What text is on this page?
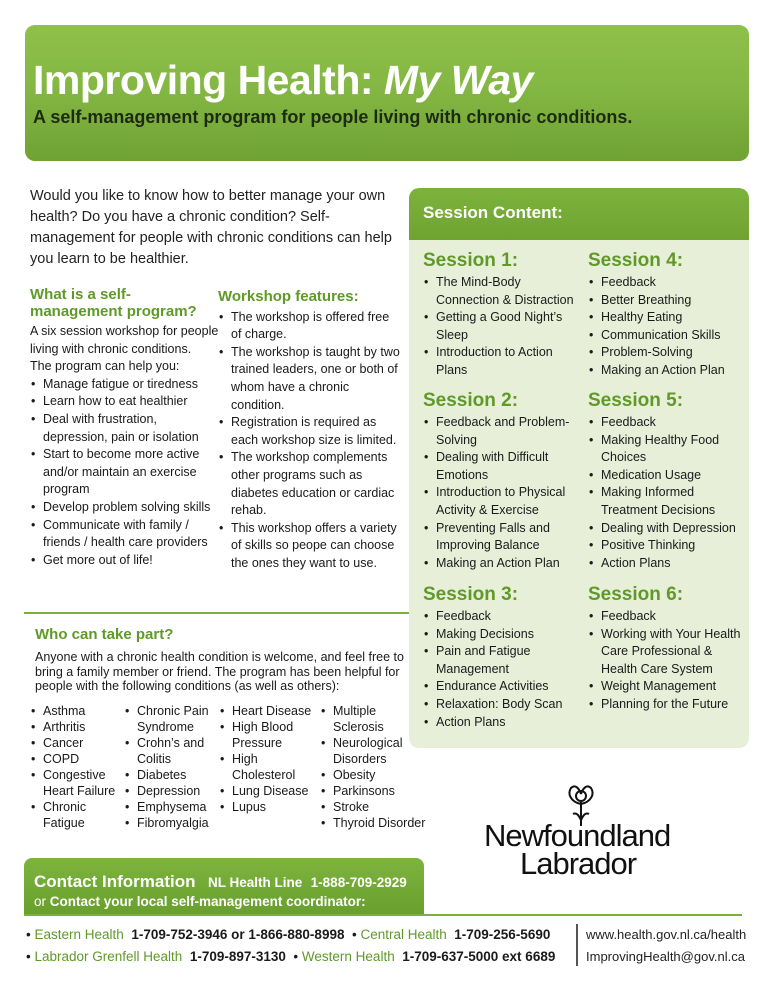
Improving Health: My Way
A self-management program for people living with chronic conditions.
Would you like to know how to better manage your own health? Do you have a chronic condition? Self-management for people with chronic conditions can help you learn to be healthier.
What is a self-management program?
A six session workshop for people living with chronic conditions.
The program can help you:
• Manage fatigue or tiredness
• Learn how to eat healthier
• Deal with frustration, depression, pain or isolation
• Start to become more active and/or maintain an exercise program
• Develop problem solving skills
• Communicate with family / friends / health care providers
• Get more out of life!
Workshop features:
• The workshop is offered free of charge.
• The workshop is taught by two trained leaders, one or both of whom have a chronic condition.
• Registration is required as each workshop size is limited.
• The workshop complements other programs such as diabetes education or cardiac rehab.
• This workshop offers a variety of skills so peope can choose the ones they want to use.
Who can take part?
Anyone with a chronic health condition is welcome, and feel free to bring a family member or friend. The program has been helpful for people with the following conditions (as well as others):
• Asthma
• Arthritis
• Cancer
• COPD
• Congestive Heart Failure
• Chronic Fatigue
• Chronic Pain Syndrome
• Crohn’s and Colitis
• Diabetes
• Depression
• Emphysema
• Fibromyalgia
• Heart Disease
• High Blood Pressure
• High Cholesterol
• Lung Disease
• Lupus
• Multiple Sclerosis
• Neurological Disorders
• Obesity
• Parkinsons
• Stroke
• Thyroid Disorder
Session Content:
Session 1:
• The Mind-Body Connection & Distraction
• Getting a Good Night’s Sleep
• Introduction to Action Plans
Session 2:
• Feedback and Problem-Solving
• Dealing with Difficult Emotions
• Introduction to Physical Activity & Exercise
• Preventing Falls and Improving Balance
• Making an Action Plan
Session 3:
• Feedback
• Making Decisions
• Pain and Fatigue Management
• Endurance Activities
• Relaxation: Body Scan
• Action Plans
Session 4:
• Feedback
• Better Breathing
• Healthy Eating
• Communication Skills
• Problem-Solving
• Making an Action Plan
Session 5:
• Feedback
• Making Healthy Food Choices
• Medication Usage
• Making Informed Treatment Decisions
• Dealing with Depression
• Positive Thinking
• Action Plans
Session 6:
• Feedback
• Working with Your Health Care Professional & Health Care System
• Weight Management
• Planning for the Future
Newfoundland
Labrador
Contact Information NL Health Line 1-888-709-2929
or Contact your local self-management coordinator:
• Eastern Health 1-709-752-3946 or 1-866-880-8998  • Central Health 1-709-256-5690
• Labrador Grenfell Health 1-709-897-3130  • Western Health 1-709-637-5000 ext 6689
www.health.gov.nl.ca/health
ImprovingHealth@gov.nl.ca
